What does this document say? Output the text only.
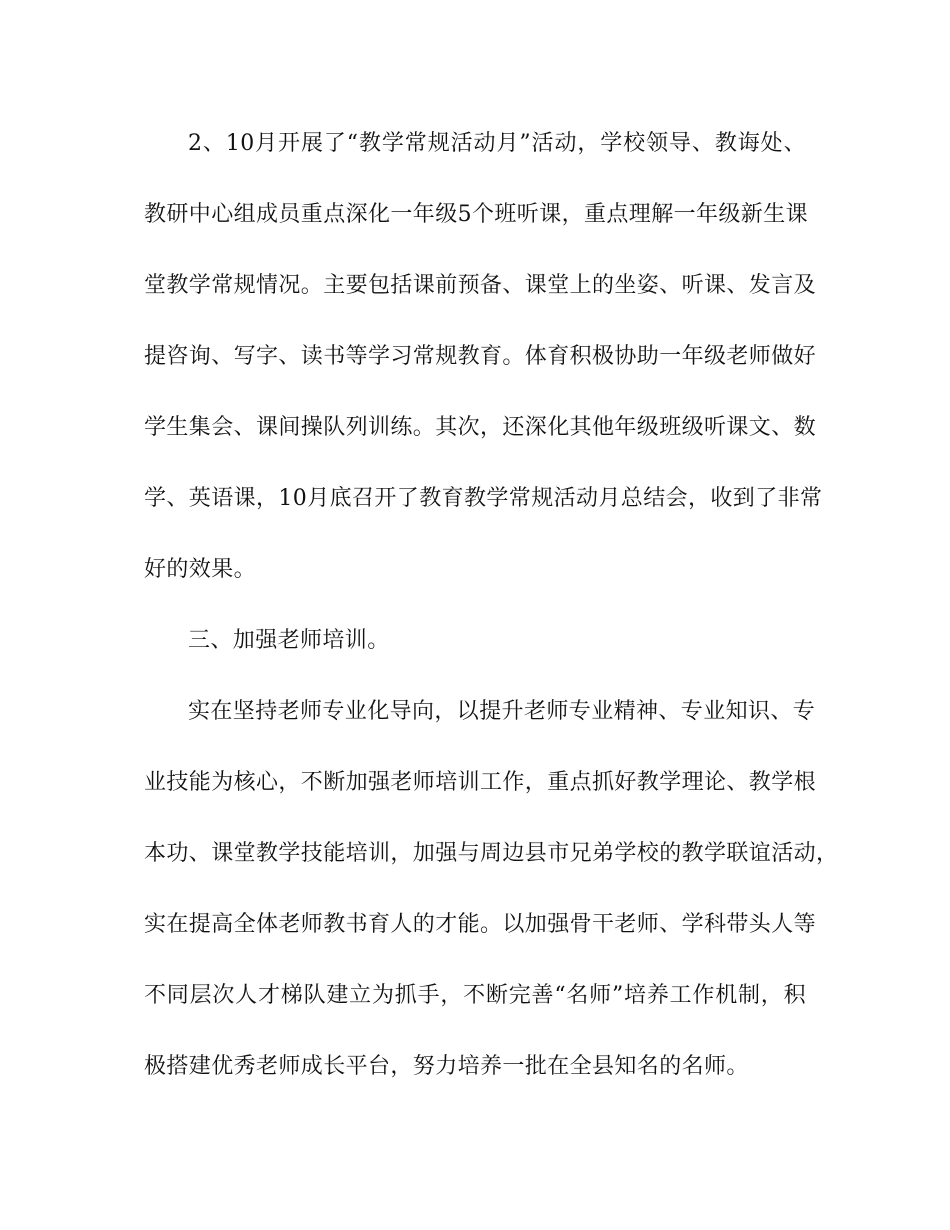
2、10月开展了“教学常规活动月”活动，学校领导、教诲处、
教研中心组成员重点深化一年级5个班听课，重点理解一年级新生课
堂教学常规情况。主要包括课前预备、课堂上的坐姿、听课、发言及
提咨询、写字、读书等学习常规教育。体育积极协助一年级老师做好
学生集会、课间操队列训练。其次，还深化其他年级班级听课文、数
学、英语课，10月底召开了教育教学常规活动月总结会，收到了非常
好的效果。
三、加强老师培训。
实在坚持老师专业化导向，以提升老师专业精神、专业知识、专
业技能为核心，不断加强老师培训工作，重点抓好教学理论、教学根
本功、课堂教学技能培训，加强与周边县市兄弟学校的教学联谊活动，
实在提高全体老师教书育人的才能。以加强骨干老师、学科带头人等
不同层次人才梯队建立为抓手，不断完善“名师”培养工作机制，积
极搭建优秀老师成长平台，努力培养一批在全县知名的名师。
